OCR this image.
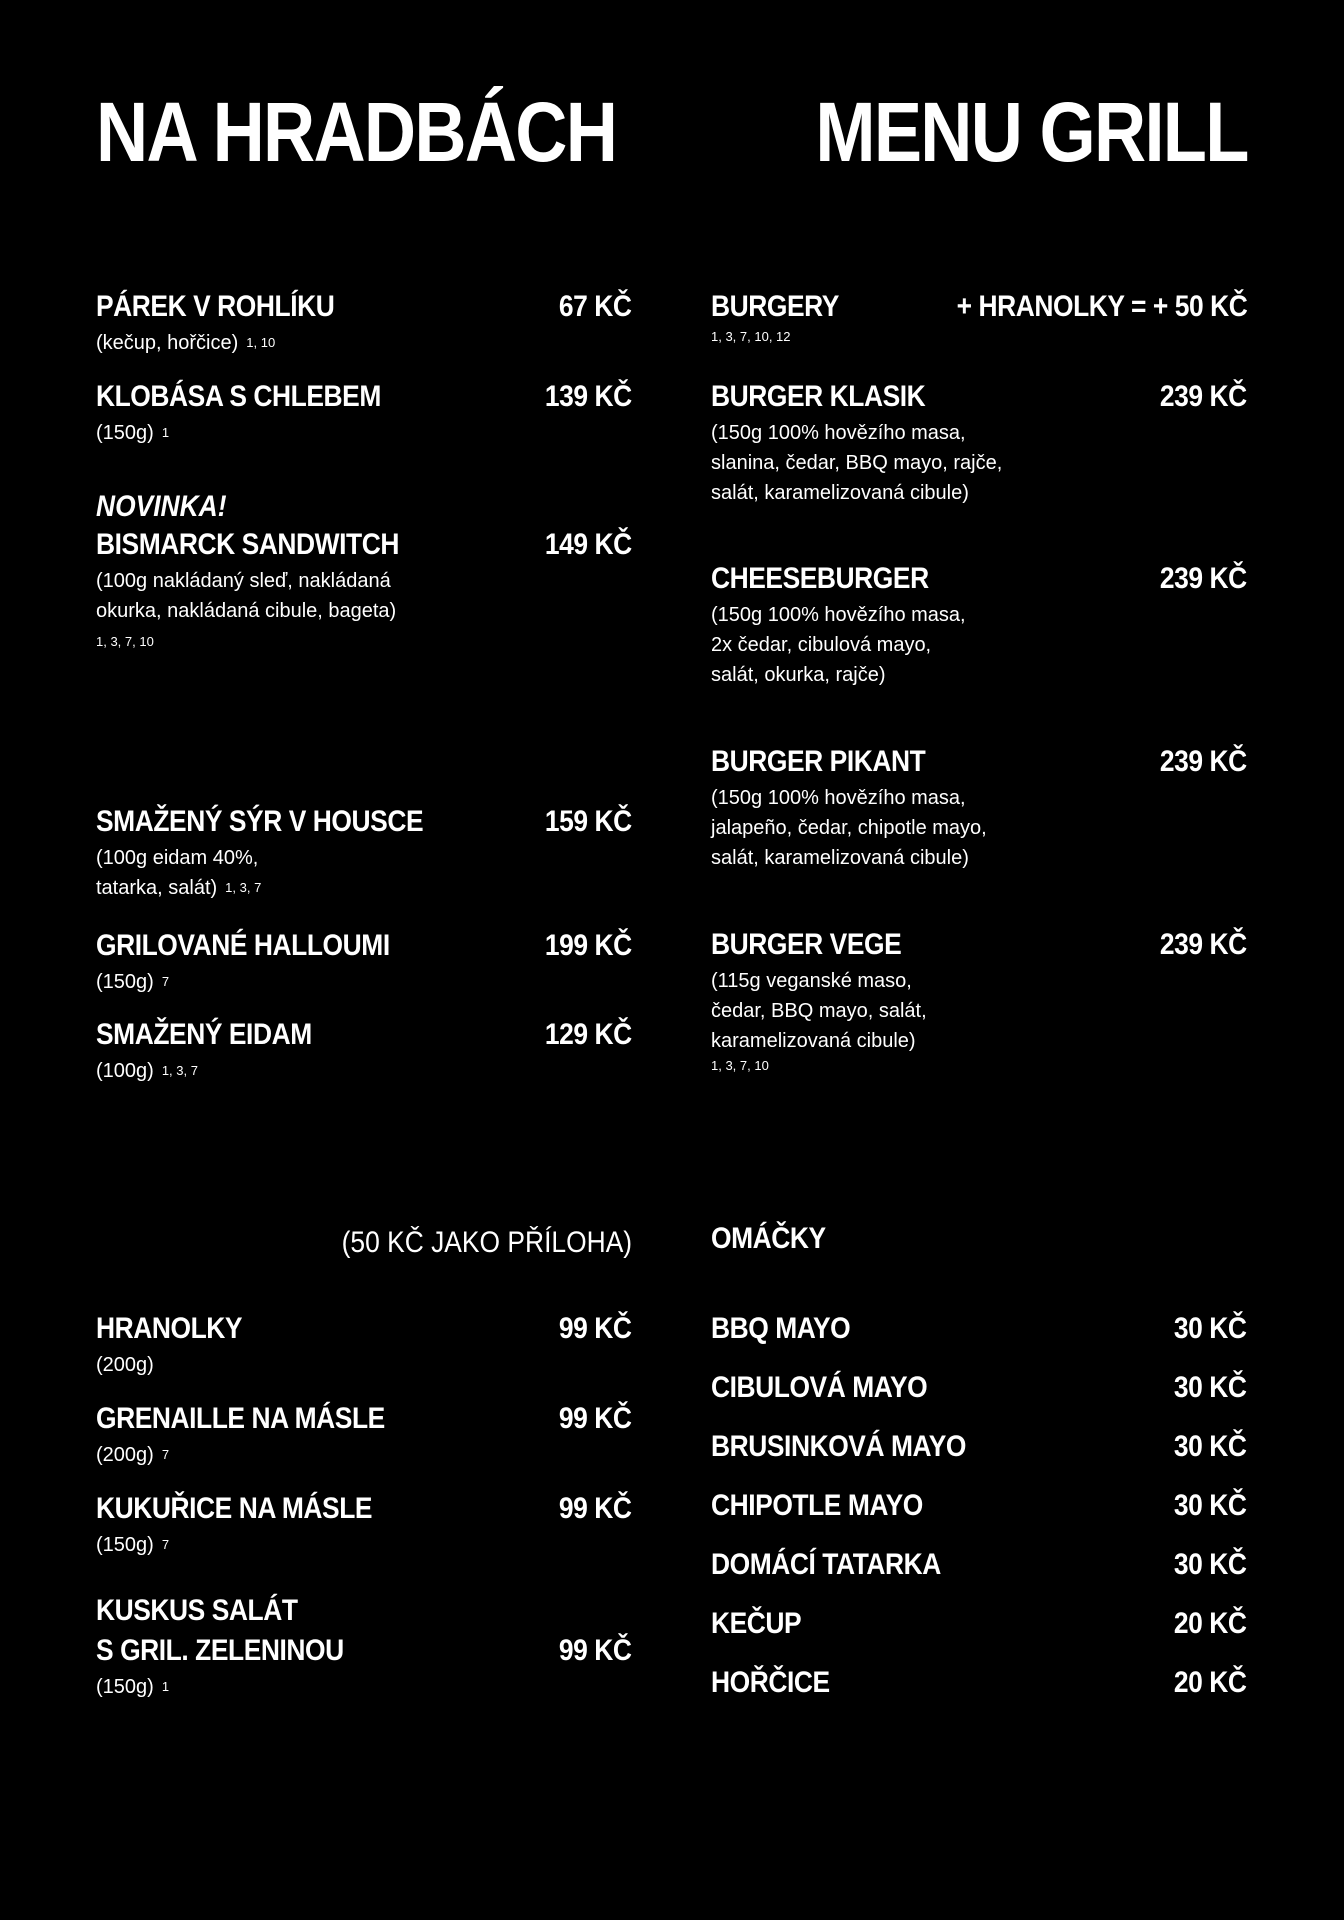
NA HRADBÁCH MENU GRILL
PÁREK V ROHLÍKU	67 KČ
(kečup, hořčice) 1, 10
KLOBÁSA S CHLEBEM	139 KČ
(150g) 1
NOVINKA!
BISMARCK SANDWITCH	149 KČ
(100g nakládaný sleď, nakládaná
okurka, nakládaná cibule, bageta)
1, 3, 7, 10
SMAŽENÝ SÝR V HOUSCE	159 KČ
(100g eidam 40%,
tatarka, salát) 1, 3, 7
GRILOVANÉ HALLOUMI	199 KČ
(150g) 7
SMAŽENÝ EIDAM	129 KČ
(100g) 1, 3, 7
(50 KČ JAKO PŘÍLOHA)
HRANOLKY	99 KČ
(200g)
GRENAILLE NA MÁSLE	99 KČ
(200g) 7
KUKUŘICE NA MÁSLE	99 KČ
(150g) 7
KUSKUS SALÁT
S GRIL. ZELENINOU	99 KČ
(150g) 1
BURGERY	+ HRANOLKY = + 50 KČ
1, 3, 7, 10, 12
BURGER KLASIK	239 KČ
(150g 100% hovězího masa,
slanina, čedar, BBQ mayo, rajče,
salát, karamelizovaná cibule)
CHEESEBURGER	239 KČ
(150g 100% hovězího masa,
2x čedar, cibulová mayo,
salát, okurka, rajče)
BURGER PIKANT	239 KČ
(150g 100% hovězího masa,
jalapeño, čedar, chipotle mayo,
salát, karamelizovaná cibule)
BURGER VEGE	239 KČ
(115g veganské maso,
čedar, BBQ mayo, salát,
karamelizovaná cibule)
1, 3, 7, 10
OMÁČKY
BBQ MAYO	30 KČ
CIBULOVÁ MAYO	30 KČ
BRUSINKOVÁ MAYO	30 KČ
CHIPOTLE MAYO	30 KČ
DOMÁCÍ TATARKA	30 KČ
KEČUP	20 KČ
HOŘČICE	20 KČ
